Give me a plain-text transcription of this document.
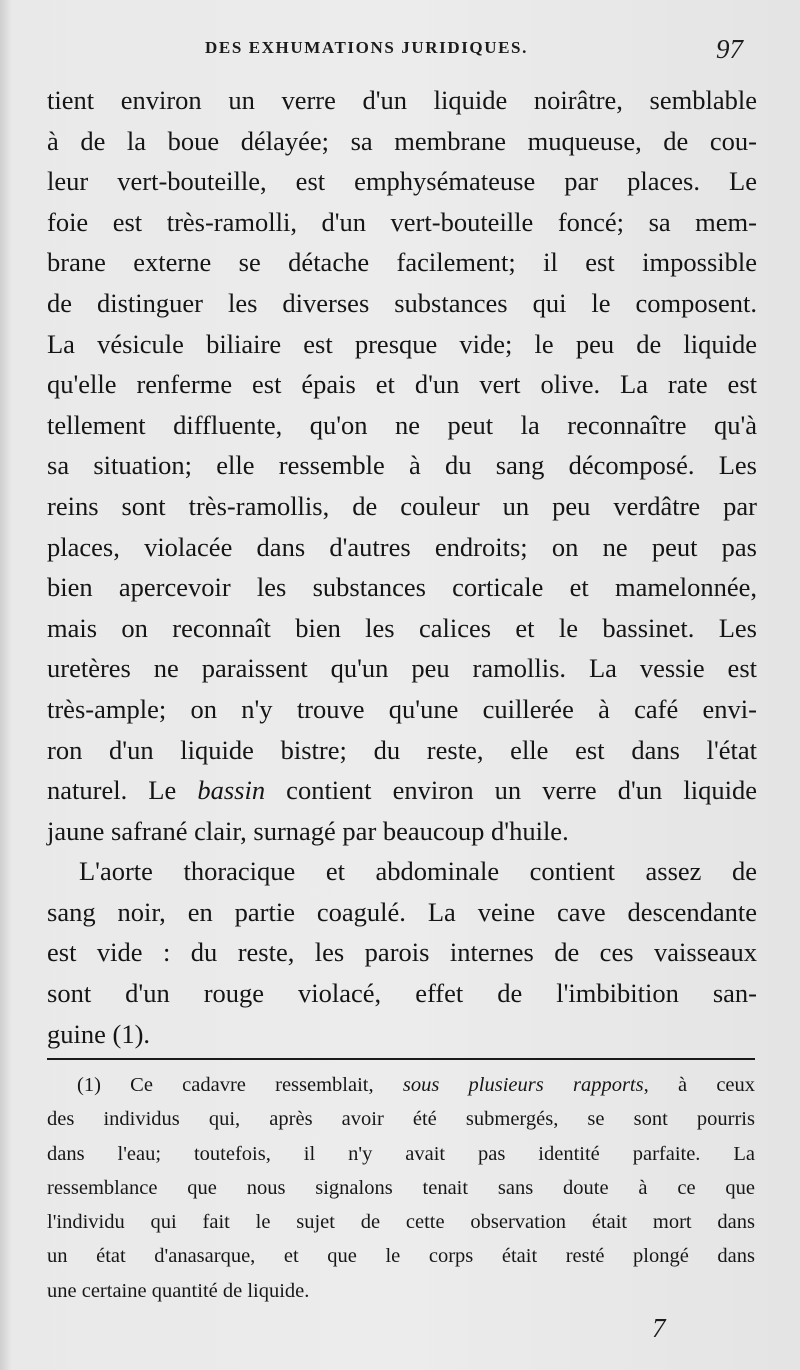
DES EXHUMATIONS JURIDIQUES.	97
tient environ un verre d'un liquide noirâtre, semblable
à de la boue délayée; sa membrane muqueuse, de cou-
leur vert-bouteille, est emphysémateuse par places. Le
foie est très-ramolli, d'un vert-bouteille foncé; sa mem-
brane externe se détache facilement; il est impossible
de distinguer les diverses substances qui le composent.
La vésicule biliaire est presque vide; le peu de liquide
qu'elle renferme est épais et d'un vert olive. La rate est
tellement diffluente, qu'on ne peut la reconnaître qu'à
sa situation; elle ressemble à du sang décomposé. Les
reins sont très-ramollis, de couleur un peu verdâtre par
places, violacée dans d'autres endroits; on ne peut pas
bien apercevoir les substances corticale et mamelonnée,
mais on reconnaît bien les calices et le bassinet. Les
uretères ne paraissent qu'un peu ramollis. La vessie est
très-ample; on n'y trouve qu'une cuillerée à café envi-
ron d'un liquide bistre; du reste, elle est dans l'état
naturel. Le bassin contient environ un verre d'un liquide
jaune safrané clair, surnagé par beaucoup d'huile.
L'aorte thoracique et abdominale contient assez de
sang noir, en partie coagulé. La veine cave descendante
est vide : du reste, les parois internes de ces vaisseaux
sont d'un rouge violacé, effet de l'imbibition san-
guine (1).
(1) Ce cadavre ressemblait, sous plusieurs rapports, à ceux
des individus qui, après avoir été submergés, se sont pourris
dans l'eau; toutefois, il n'y avait pas identité parfaite. La
ressemblance que nous signalons tenait sans doute à ce que
l'individu qui fait le sujet de cette observation était mort dans
un état d'anasarque, et que le corps était resté plongé dans
une certaine quantité de liquide.
7
